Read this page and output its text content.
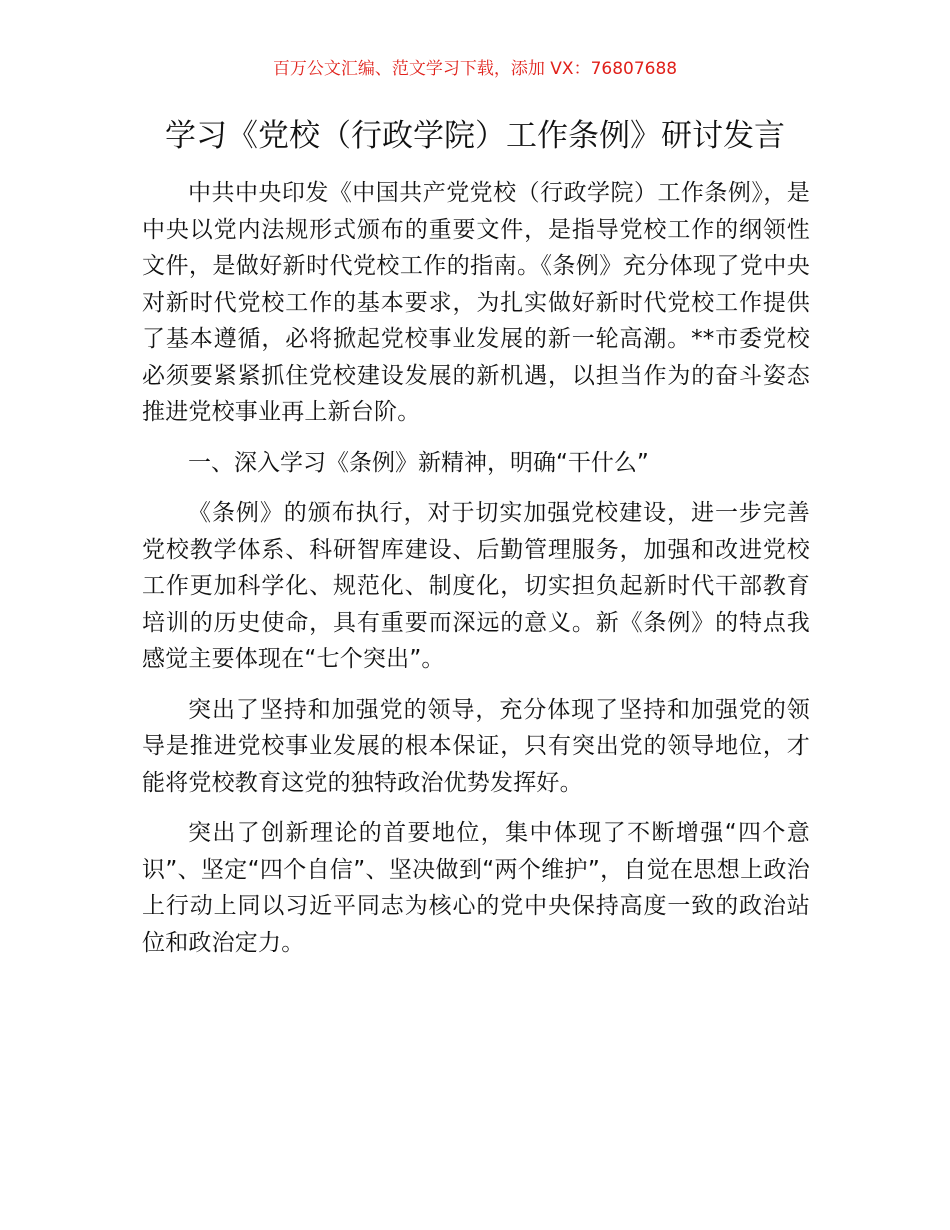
百万公文汇编、范文学习下载，添加 VX：76807688
学习《党校（行政学院）工作条例》研讨发言

中共中央印发《中国共产党党校（行政学院）工作条例》，是中央以党内法规形式颁布的重要文件，是指导党校工作的纲领性文件，是做好新时代党校工作的指南。《条例》充分体现了党中央对新时代党校工作的基本要求，为扎实做好新时代党校工作提供了基本遵循，必将掀起党校事业发展的新一轮高潮。**市委党校必须要紧紧抓住党校建设发展的新机遇，以担当作为的奋斗姿态推进党校事业再上新台阶。

一、深入学习《条例》新精神，明确“干什么”

《条例》的颁布执行，对于切实加强党校建设，进一步完善党校教学体系、科研智库建设、后勤管理服务，加强和改进党校工作更加科学化、规范化、制度化，切实担负起新时代干部教育培训的历史使命，具有重要而深远的意义。新《条例》的特点我感觉主要体现在“七个突出”。

突出了坚持和加强党的领导，充分体现了坚持和加强党的领导是推进党校事业发展的根本保证，只有突出党的领导地位，才能将党校教育这党的独特政治优势发挥好。

突出了创新理论的首要地位，集中体现了不断增强“四个意识”、坚定“四个自信”、坚决做到“两个维护”，自觉在思想上政治上行动上同以习近平同志为核心的党中央保持高度一致的政治站位和政治定力。
